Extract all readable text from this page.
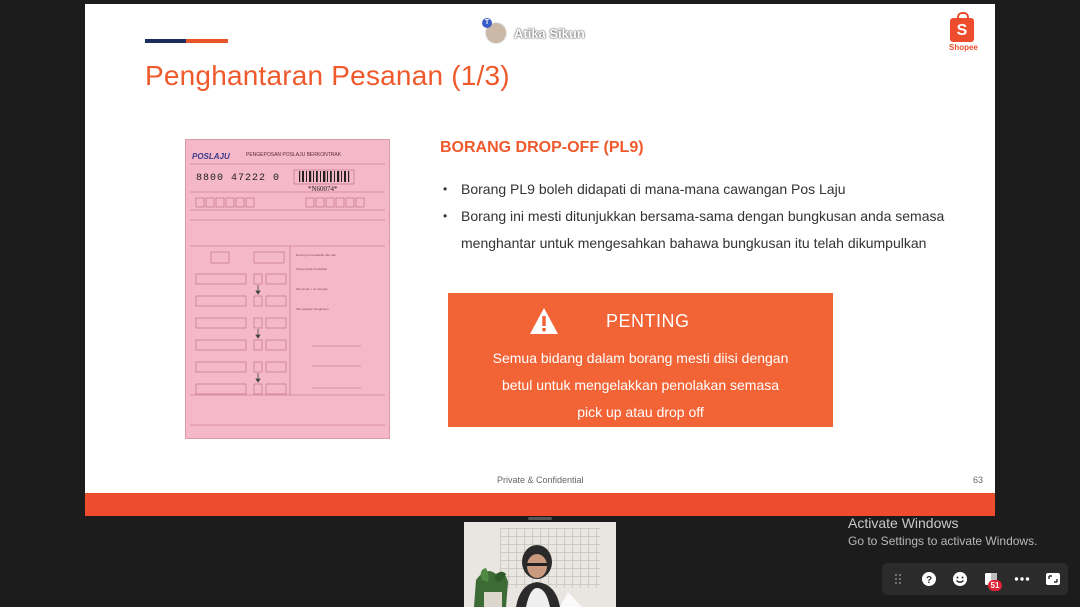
T
Atika Sikun	S
Shopee
Penghantaran Pesanan (1/3)
Borang ini hendaklah diisi dan
Setiap pihak hendaklah
Sila tanda ✓ di ruangan
Sila pastikan bungkusan
POSLAJU	PENGEPOSAN POSLAJU BERKONTRAK
8800 47222 0
*N60074*
BORANG DROP-OFF (PL9)
• Borang PL9 boleh didapati di mana-mana cawangan Pos Laju
• Borang ini mesti ditunjukkan bersama-sama dengan bungkusan anda semasa menghantar untuk mengesahkan bahawa bungkusan itu telah dikumpulkan
PENTING
Semua bidang dalam borang mesti diisi dengan
betul untuk mengelakkan penolakan semasa
pick up atau drop off
Private & Confidential	63
Activate Windows
Go to Settings to activate Windows.
?	51
